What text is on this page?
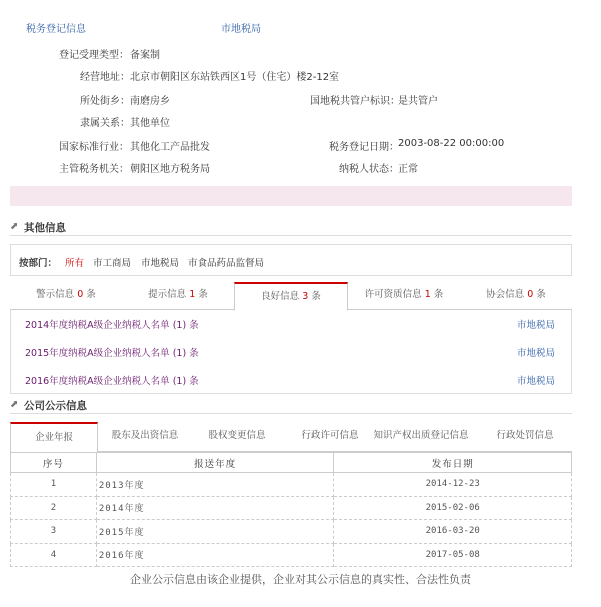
税务登记信息	市地税局
登记受理类型： 备案制
经营地址： 北京市朝阳区东站铁西区1号（住宅）楼2-12室
所处街乡： 南磨房乡	国地税共管户标识：
是共管户
隶属关系： 其他单位
国家标准行业： 其他化工产品批发	税务登记日期： 2003-08-22 00:00:00
主管税务机关： 朝阳区地方税务局	纳税人状态： 正常
⬈ 其他信息
按部门： 所有 市工商局 市地税局 市食品药品监督局
警示信息 0 条	提示信息 1 条	良好信息 3 条	许可资质信息 1 条	协会信息 0 条
2014年度纳税A级企业纳税人名单 (1) 条	市地税局
2015年度纳税A级企业纳税人名单 (1) 条	市地税局
2016年度纳税A级企业纳税人名单 (1) 条	市地税局
⬈ 公司公示信息
企业年报	股东及出资信息	股权变更信息	行政许可信息	知识产权出质登记信息	行政处罚信息
序号	报送年度	发布日期
1	2013年度	2014-12-23
2	2014年度	2015-02-06
3	2015年度	2016-03-20
4	2016年度	2017-05-08
企业公示信息由该企业提供，企业对其公示信息的真实性、合法性负责
